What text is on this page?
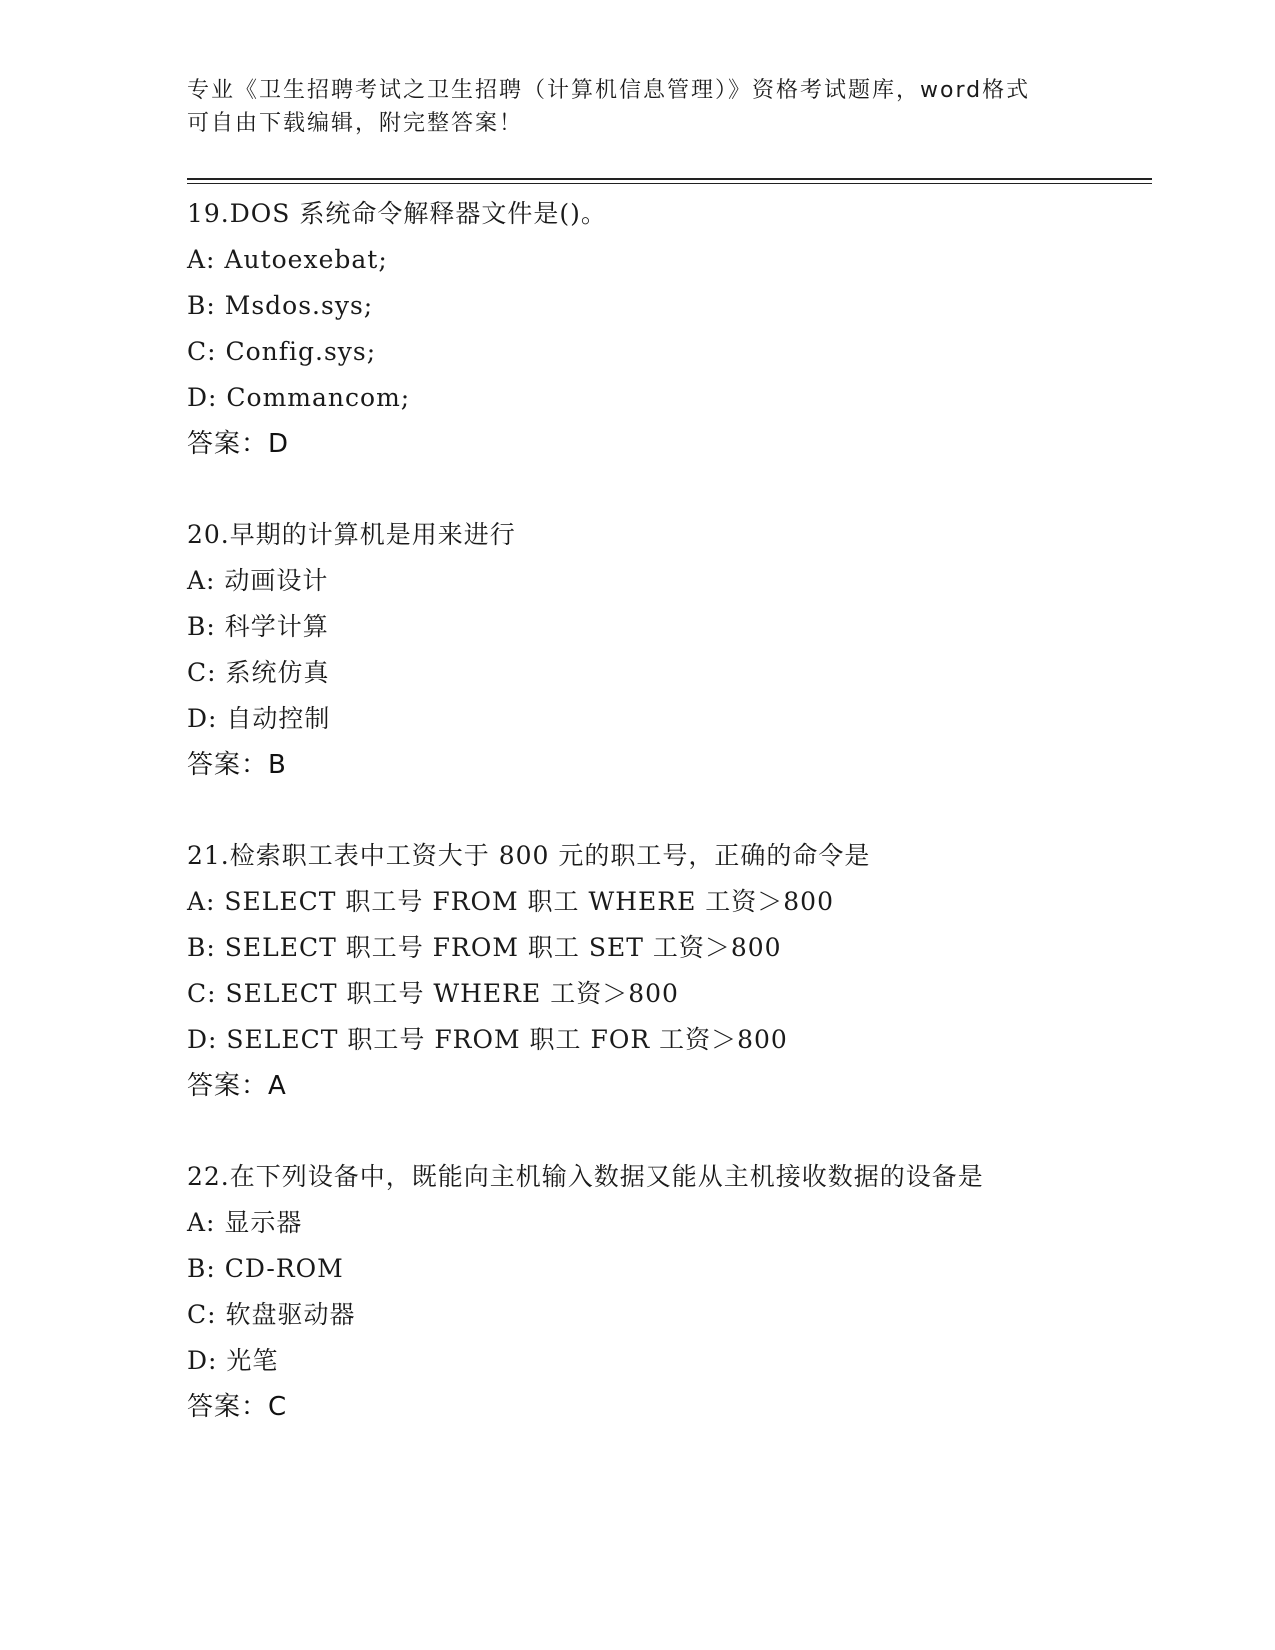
专业《卫生招聘考试之卫生招聘（计算机信息管理）》资格考试题库，word格式
可自由下载编辑，附完整答案！
19.DOS 系统命令解释器文件是()。
A: Autoexebat;
B: Msdos.sys;
C: Config.sys;
D: Commancom;
答案：D
20.早期的计算机是用来进行
A: 动画设计
B: 科学计算
C: 系统仿真
D: 自动控制
答案：B
21.检索职工表中工资大于 800 元的职工号，正确的命令是
A: SELECT 职工号 FROM 职工 WHERE 工资＞800
B: SELECT 职工号 FROM 职工 SET 工资＞800
C: SELECT 职工号 WHERE 工资＞800
D: SELECT 职工号 FROM 职工 FOR 工资＞800
答案：A
22.在下列设备中，既能向主机输入数据又能从主机接收数据的设备是
A: 显示器
B: CD-ROM
C: 软盘驱动器
D: 光笔
答案：C
